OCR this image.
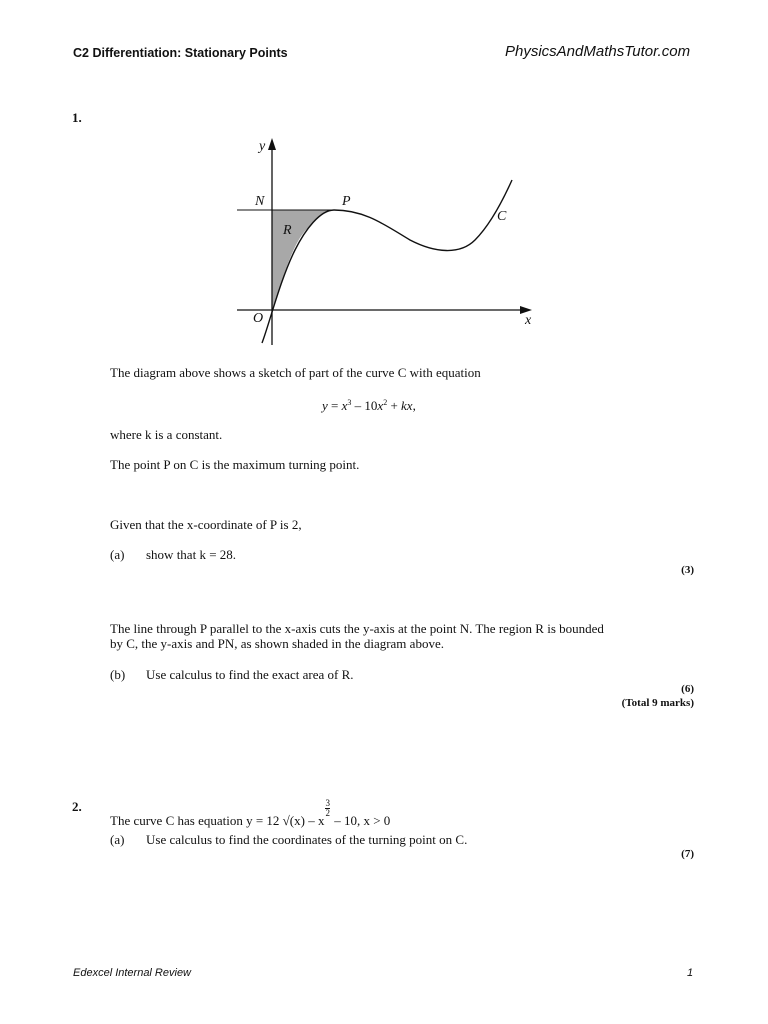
C2 Differentiation: Stationary Points	PhysicsAndMathsTutor.com
1.
y
x
O
N	P
R
C
The diagram above shows a sketch of part of the curve C with equation
$y = x^3 - 10x^2$ + kx,
where k is a constant.
The point P on C is the maximum turning point.
Given that the x-coordinate of P is 2,
(a) show that k = 28.
(3)
The line through P parallel to the x-axis cuts the y-axis at the point N. The region R is bounded
by C, the y-axis and PN, as shown shaded in the diagram above.
(b) Use calculus to find the exact area of R.
(6)
(Total 9 marks)
2.
The curve C has equation y = 12 √(x) – x
$\frac{3}{2}$
– 10, x > 0
(a) Use calculus to find the coordinates of the turning point on C.
(7)
Edexcel Internal Review	1
